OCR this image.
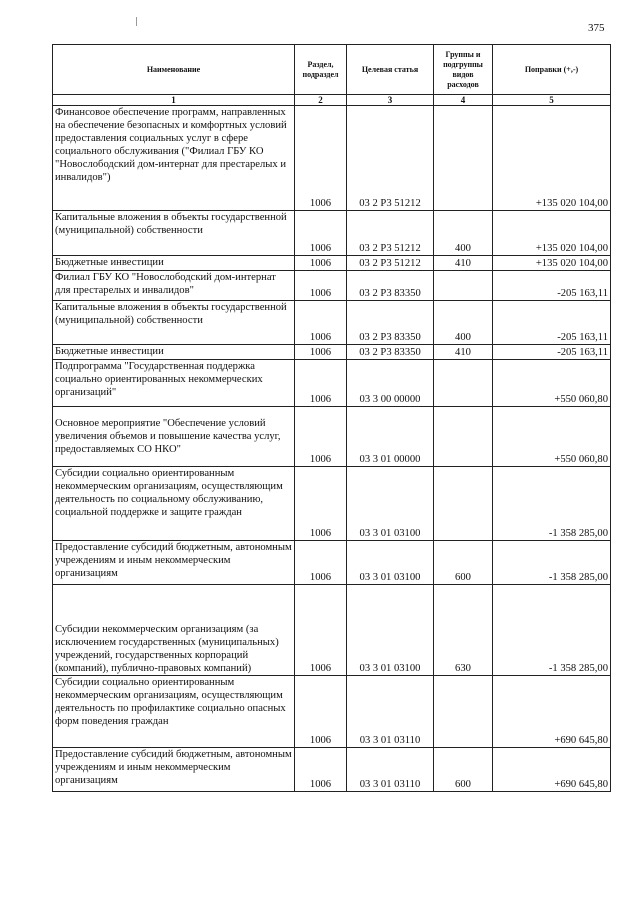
375
Наименование	Раздел, подраздел	Целевая статья	Группы и подгруппы видов расходов	Поправки (+,-)
1	2	3	4	5
Финансовое обеспечение программ, направленных на обеспечение безопасных и комфортных условий предоставления социальных услуг в сфере социального обслуживания ("Филиал ГБУ КО "Новослободский дом-интернат для престарелых и инвалидов")	1006	03 2 Р3 51212		+135 020 104,00
Капитальные вложения в объекты государственной (муниципальной) собственности	1006	03 2 Р3 51212	400	+135 020 104,00
Бюджетные инвестиции	1006	03 2 Р3 51212	410	+135 020 104,00
Филиал ГБУ КО "Новослободский дом-интернат для престарелых и инвалидов"	1006	03 2 Р3 83350		-205 163,11
Капитальные вложения в объекты государственной (муниципальной) собственности	1006	03 2 Р3 83350	400	-205 163,11
Бюджетные инвестиции	1006	03 2 Р3 83350	410	-205 163,11
Подпрограмма "Государственная поддержка социально ориентированных некоммерческих организаций"	1006	03 3 00 00000		+550 060,80
Основное мероприятие "Обеспечение условий увеличения объемов и повышение качества услуг, предоставляемых СО НКО"	1006	03 3 01 00000		+550 060,80
Субсидии социально ориентированным некоммерческим организациям, осуществляющим деятельность по социальному обслуживанию, социальной поддержке и защите граждан	1006	03 3 01 03100		-1 358 285,00
Предоставление субсидий бюджетным, автономным учреждениям и иным некоммерческим организациям	1006	03 3 01 03100	600	-1 358 285,00
Субсидии некоммерческим организациям (за исключением государственных (муниципальных) учреждений, государственных корпораций (компаний), публично-правовых компаний)	1006	03 3 01 03100	630	-1 358 285,00
Субсидии социально ориентированным некоммерческим организациям, осуществляющим деятельность по профилактике социально опасных форм поведения граждан	1006	03 3 01 03110		+690 645,80
Предоставление субсидий бюджетным, автономным учреждениям и иным некоммерческим организациям	1006	03 3 01 03110	600	+690 645,80
